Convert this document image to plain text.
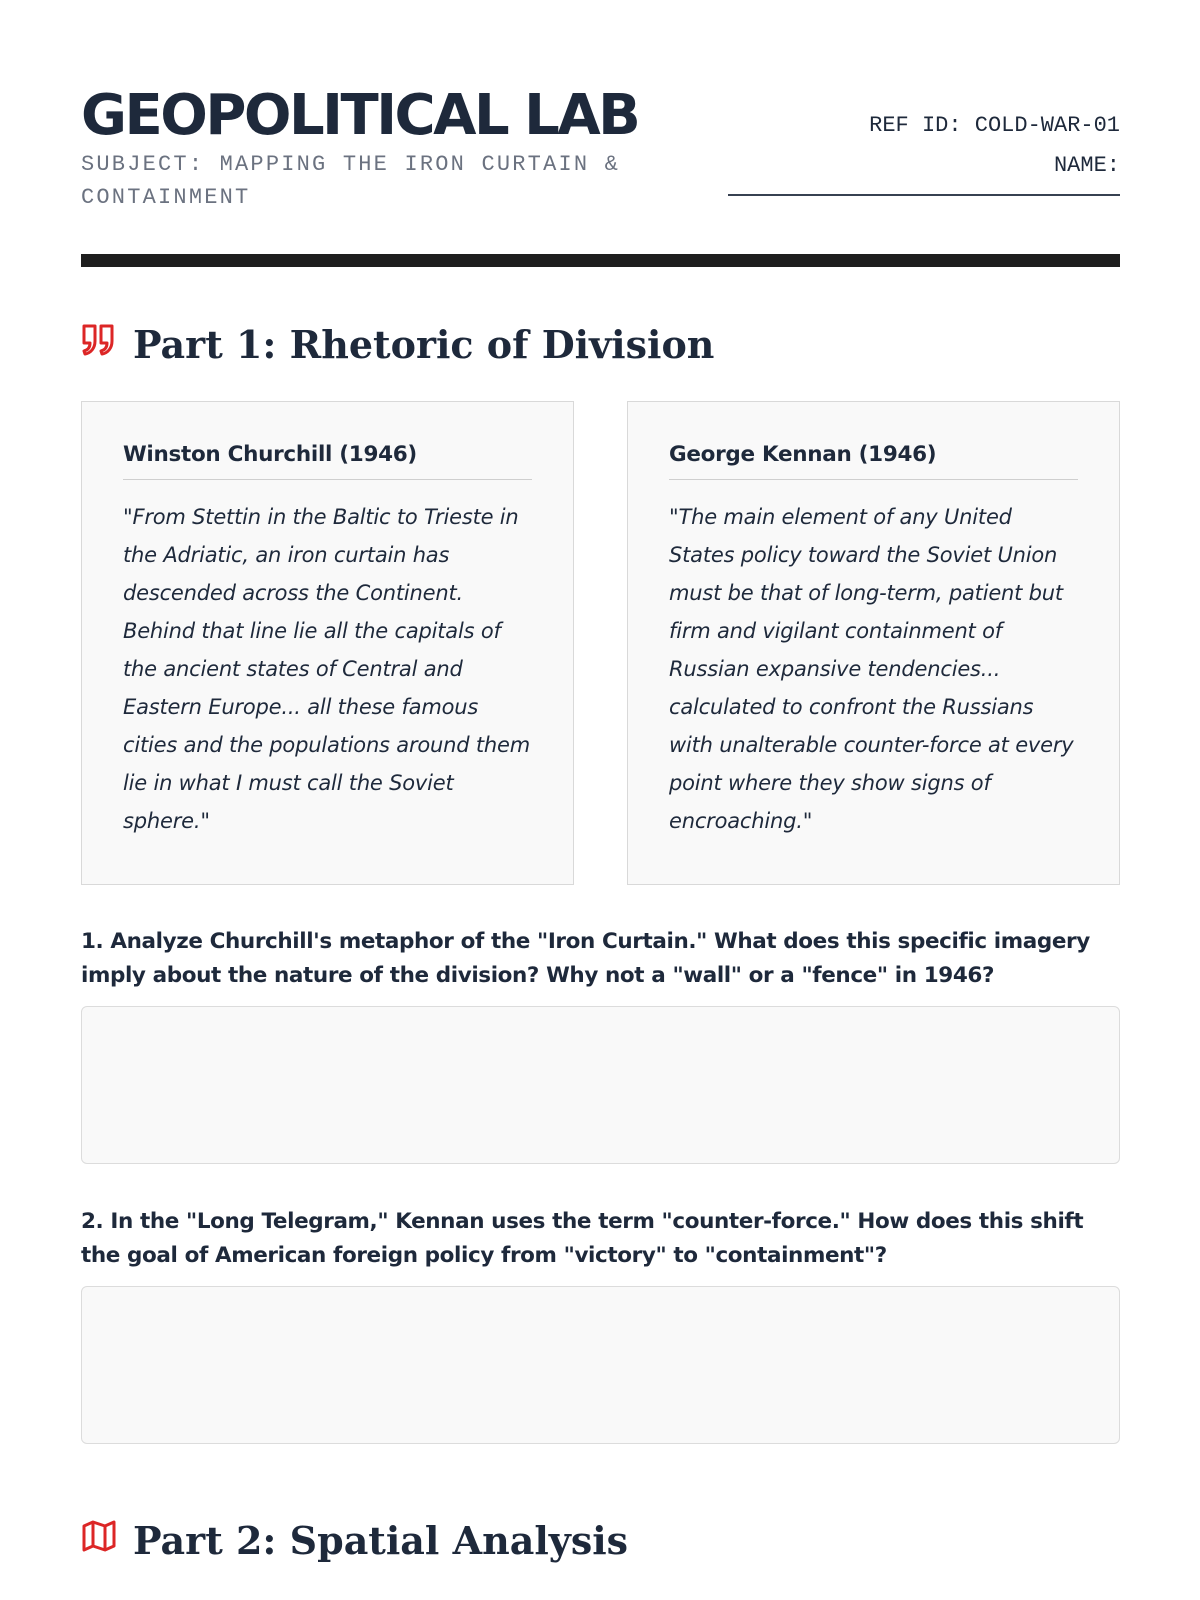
GEOPOLITICAL LAB
SUBJECT: MAPPING THE IRON CURTAIN & CONTAINMENT
REF ID: COLD-WAR-01
NAME:
Part 1: Rhetoric of Division
Winston Churchill (1946)
"From Stettin in the Baltic to Trieste in the Adriatic, an iron curtain has descended across the Continent. Behind that line lie all the capitals of the ancient states of Central and Eastern Europe... all these famous cities and the populations around them lie in what I must call the Soviet sphere."
George Kennan (1946)
"The main element of any United States policy toward the Soviet Union must be that of long-term, patient but firm and vigilant containment of Russian expansive tendencies... calculated to confront the Russians with unalterable counter-force at every point where they show signs of encroaching."
1. Analyze Churchill's metaphor of the "Iron Curtain." What does this specific imagery imply about the nature of the division? Why not a "wall" or a "fence" in 1946?
2. In the "Long Telegram," Kennan uses the term "counter-force." How does this shift the goal of American foreign policy from "victory" to "containment"?
Part 2: Spatial Analysis
